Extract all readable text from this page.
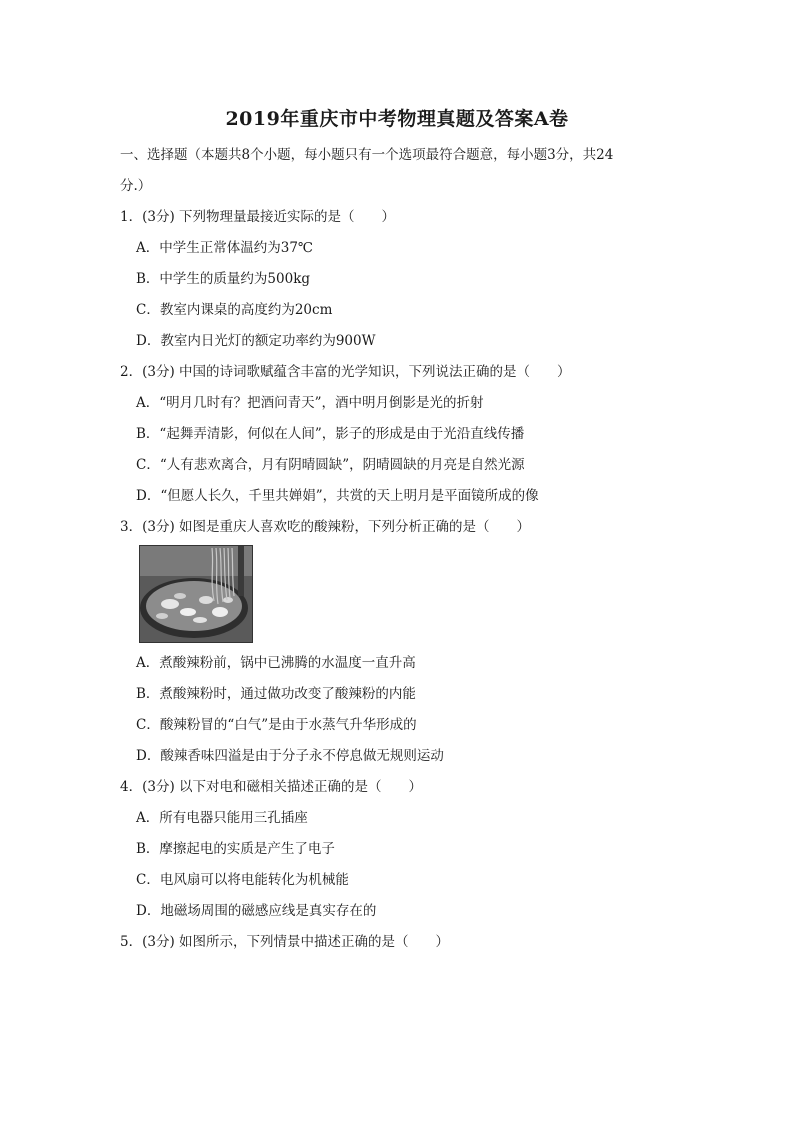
2019年重庆市中考物理真题及答案A卷
一、选择题（本题共8个小题，每小题只有一个选项最符合题意，每小题3分，共24
分.）
1．(3分) 下列物理量最接近实际的是（　　）
A．中学生正常体温约为37℃
B．中学生的质量约为500kg
C．教室内课桌的高度约为20cm
D．教室内日光灯的额定功率约为900W
2．(3分) 中国的诗词歌赋蕴含丰富的光学知识，下列说法正确的是（　　）
A．“明月几时有？把酒问青天”，酒中明月倒影是光的折射
B．“起舞弄清影，何似在人间”，影子的形成是由于光沿直线传播
C．“人有悲欢离合，月有阴晴圆缺”，阴晴圆缺的月亮是自然光源
D．“但愿人长久，千里共婵娟”，共赏的天上明月是平面镜所成的像
3．(3分) 如图是重庆人喜欢吃的酸辣粉，下列分析正确的是（　　）
A．煮酸辣粉前，锅中已沸腾的水温度一直升高
B．煮酸辣粉时，通过做功改变了酸辣粉的内能
C．酸辣粉冒的“白气”是由于水蒸气升华形成的
D．酸辣香味四溢是由于分子永不停息做无规则运动
4．(3分) 以下对电和磁相关描述正确的是（　　）
A．所有电器只能用三孔插座
B．摩擦起电的实质是产生了电子
C．电风扇可以将电能转化为机械能
D．地磁场周围的磁感应线是真实存在的
5．(3分) 如图所示，下列情景中描述正确的是（　　）
